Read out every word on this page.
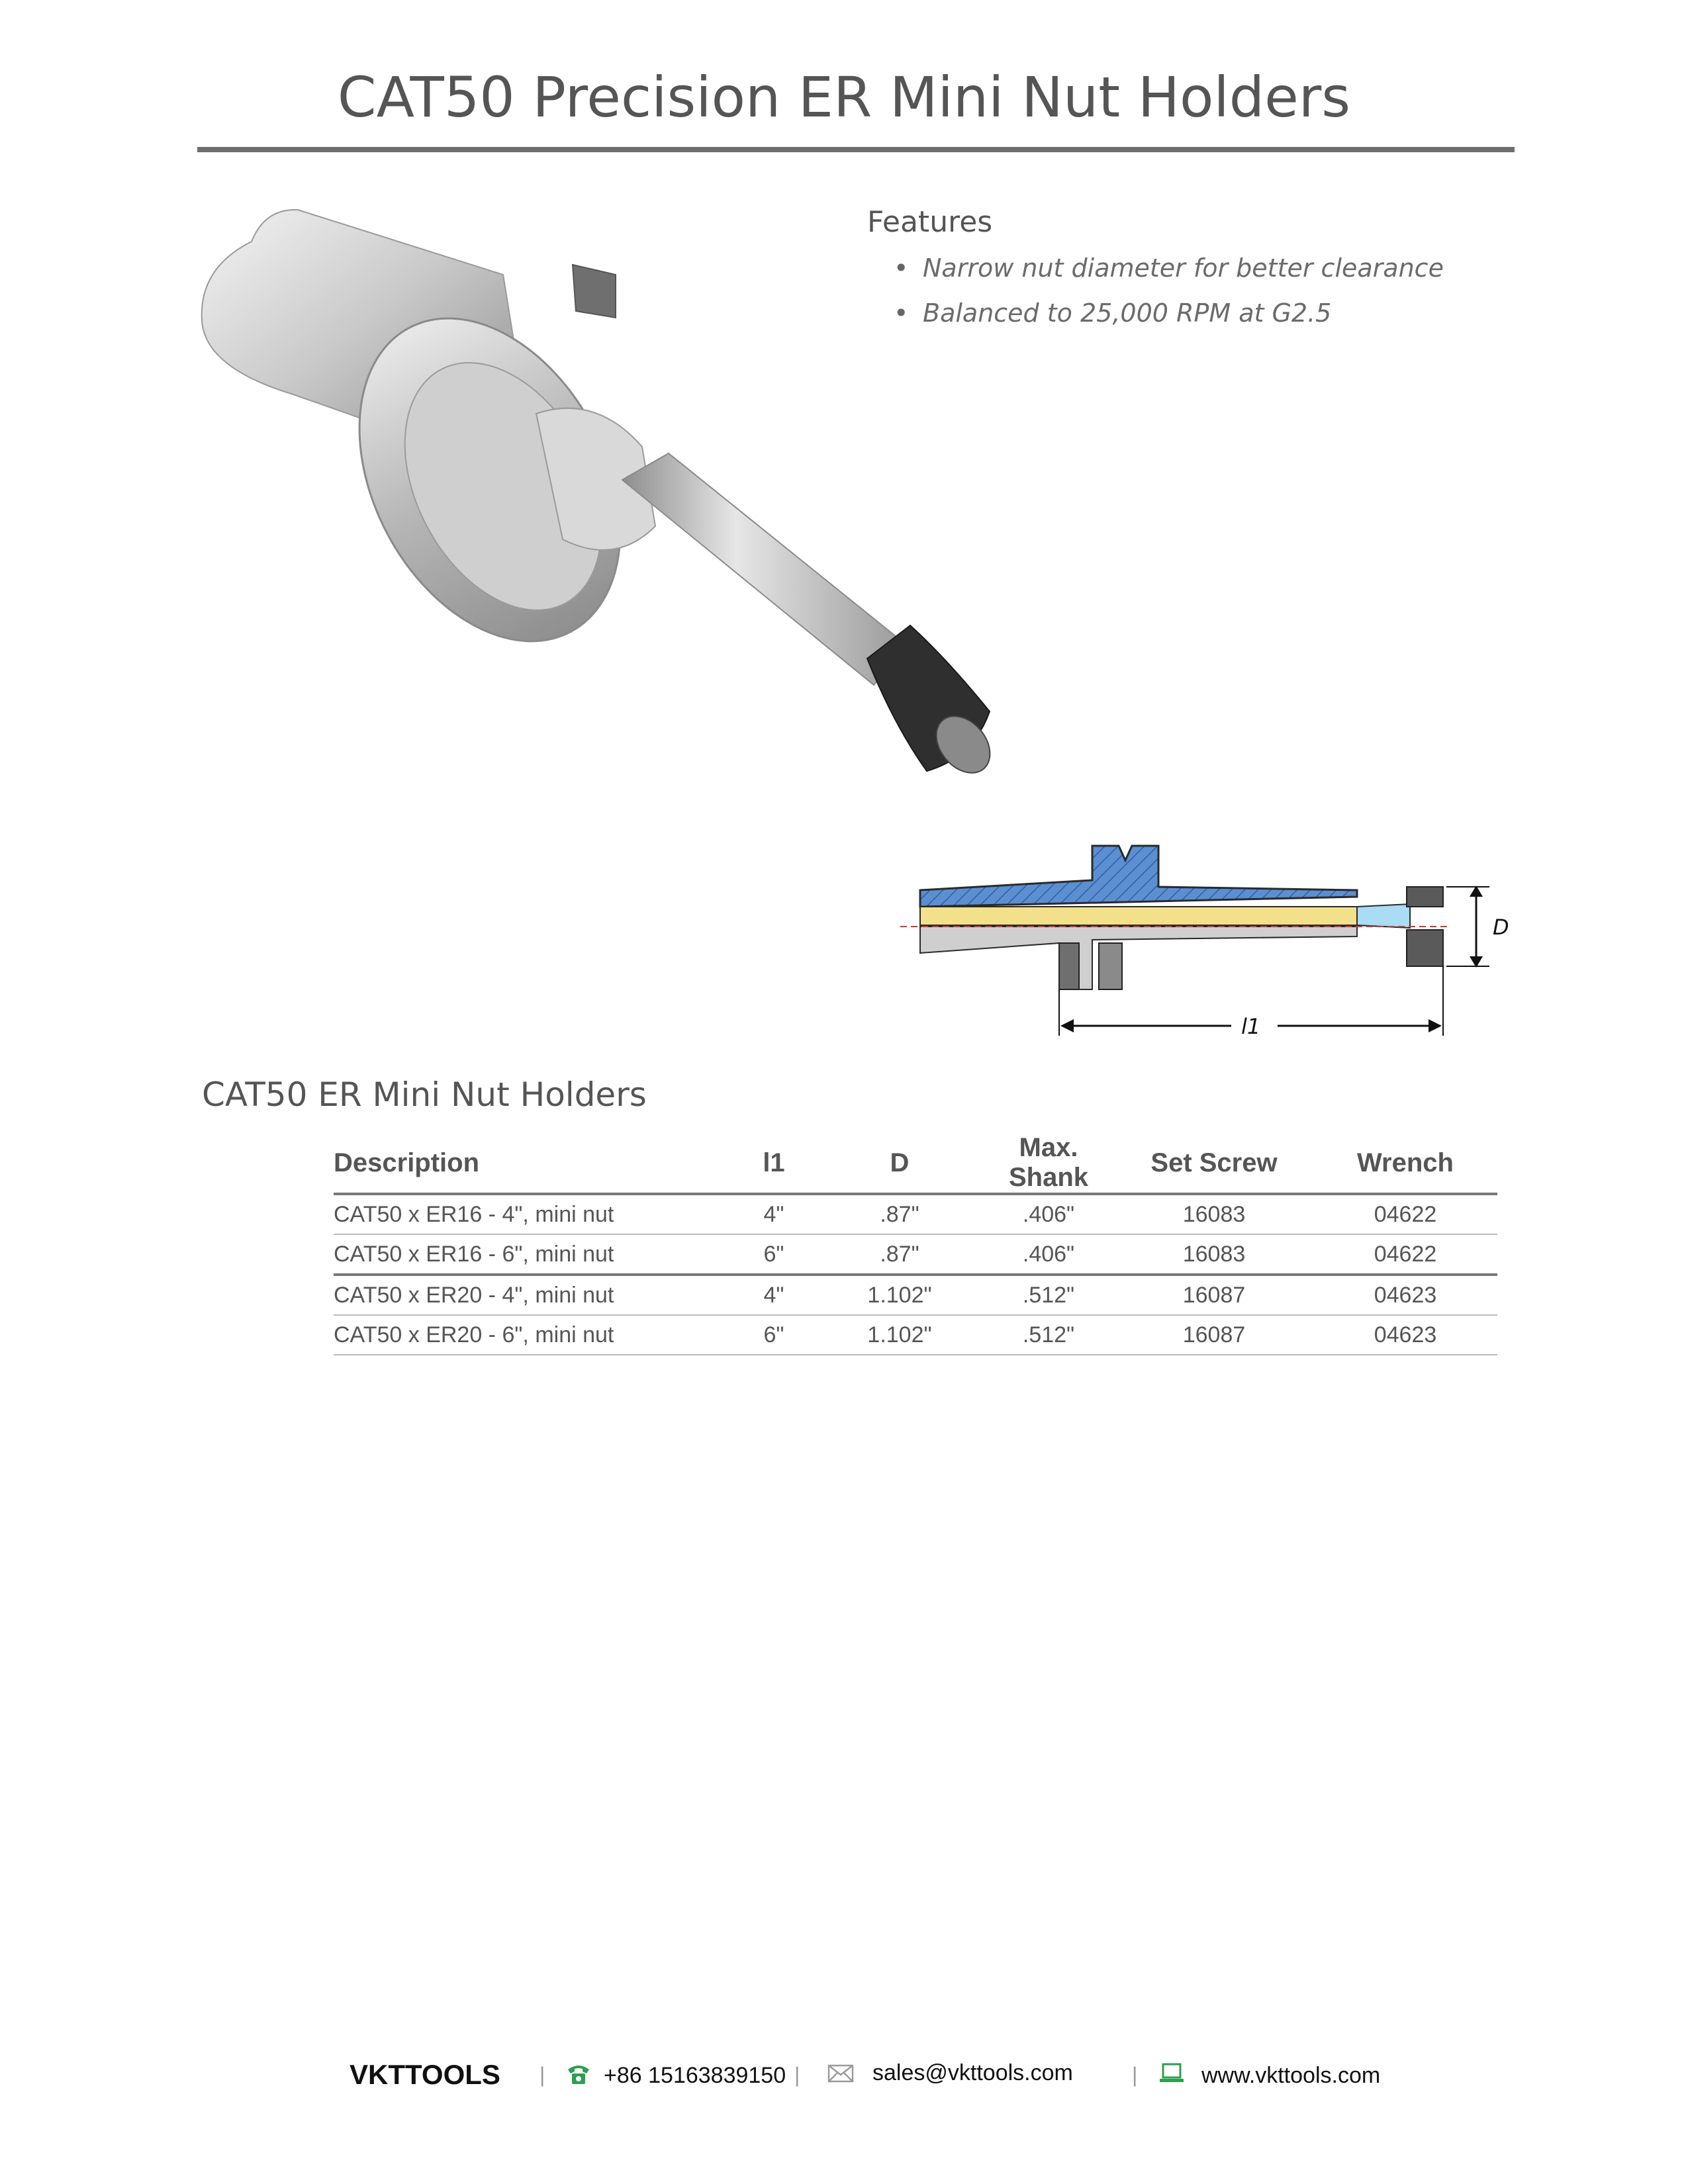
CAT50 Precision ER Mini Nut Holders
Features
• Narrow nut diameter for better clearance
• Balanced to 25,000 RPM at G2.5
D
l1
CAT50 ER Mini Nut Holders
Description	l1	D	Max. Shank	Set Screw	Wrench
CAT50 x ER16 - 4", mini nut	4"	.87"	.406"	16083	04622
CAT50 x ER16 - 6", mini nut	6"	.87"	.406"	16083	04622
CAT50 x ER20 - 4", mini nut	4"	1.102"	.512"	16087	04623
CAT50 x ER20 - 6", mini nut	6"	1.102"	.512"	16087	04623
VKTTOOLS |	+86 15163839150 |	sales@vkttools.com	|	www.vkttools.com
